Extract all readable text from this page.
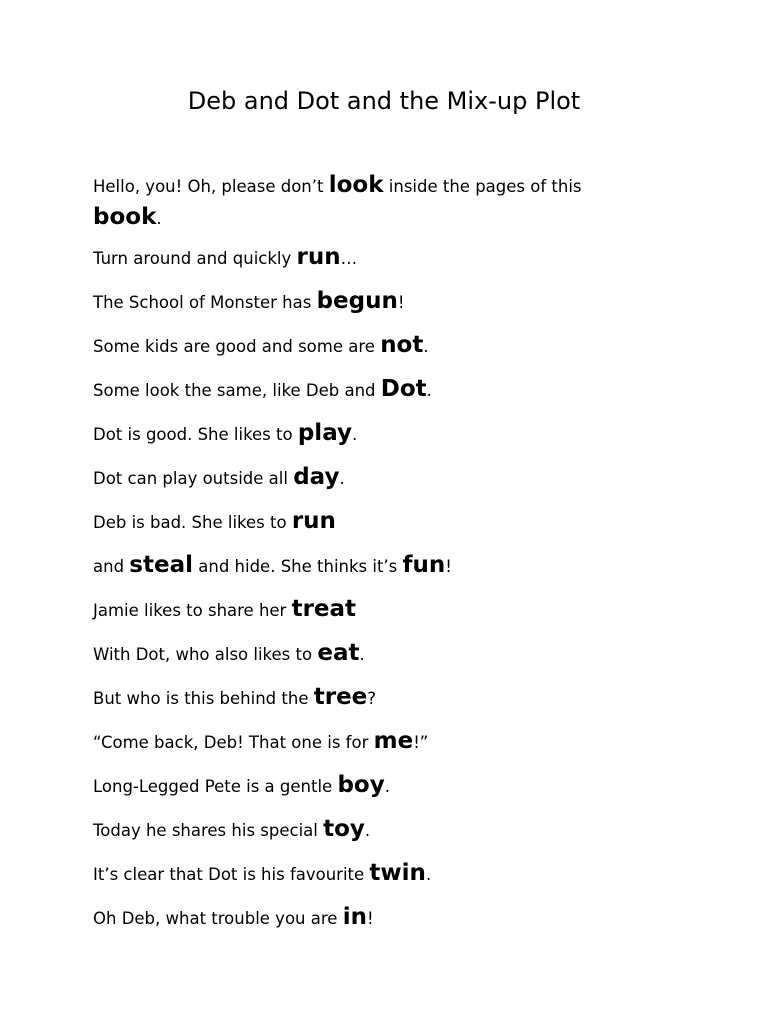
Deb and Dot and the Mix-up Plot

Hello, you! Oh, please don’t look inside the pages of this book.

Turn around and quickly run…

The School of Monster has begun!

Some kids are good and some are not.

Some look the same, like Deb and Dot.

Dot is good. She likes to play.

Dot can play outside all day.

Deb is bad. She likes to run

and steal and hide. She thinks it’s fun!

Jamie likes to share her treat

With Dot, who also likes to eat.

But who is this behind the tree?

“Come back, Deb! That one is for me!”

Long-Legged Pete is a gentle boy.

Today he shares his special toy.

It’s clear that Dot is his favourite twin.

Oh Deb, what trouble you are in!
